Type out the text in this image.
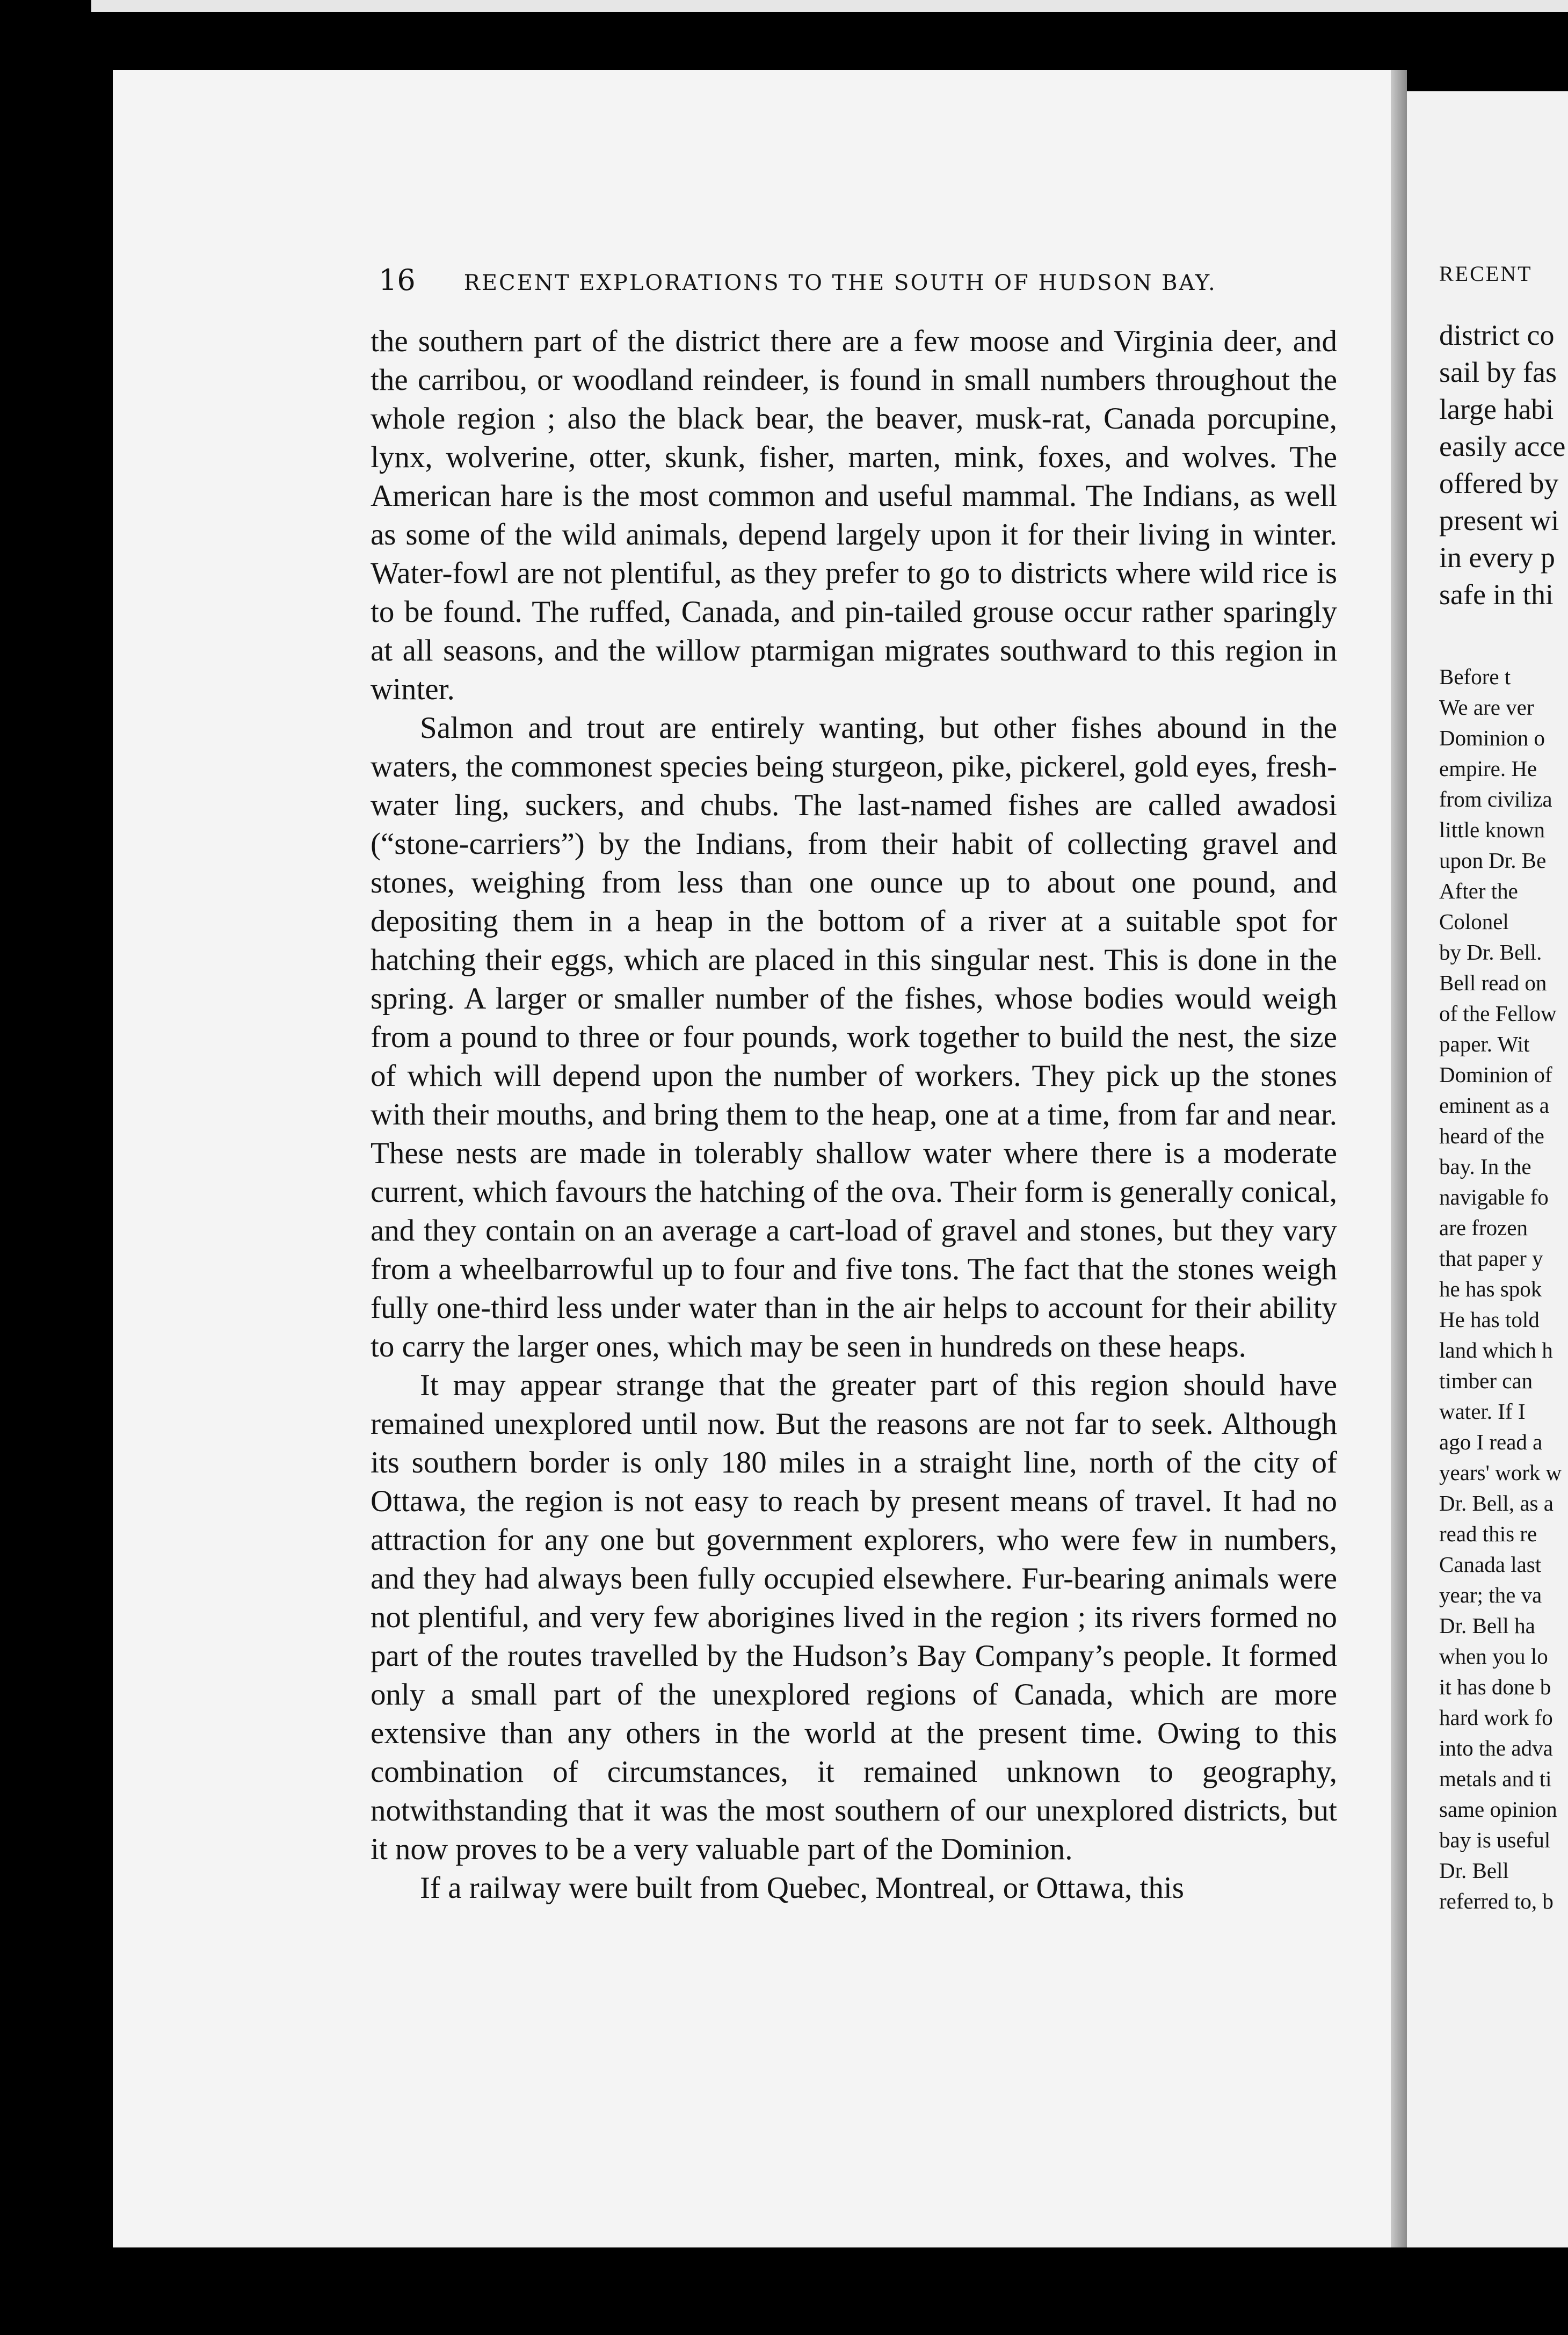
16 RECENT EXPLORATIONS TO THE SOUTH OF HUDSON BAY.

the southern part of the district there are a few moose and Virginia deer, and the carribou, or woodland reindeer, is found in small numbers throughout the whole region ; also the black bear, the beaver, musk-rat, Canada porcupine, lynx, wolverine, otter, skunk, fisher, marten, mink, foxes, and wolves. The American hare is the most common and useful mammal. The Indians, as well as some of the wild animals, depend largely upon it for their living in winter. Water-fowl are not plentiful, as they prefer to go to districts where wild rice is to be found. The ruffed, Canada, and pin-tailed grouse occur rather sparingly at all seasons, and the willow ptarmigan migrates southward to this region in winter.

Salmon and trout are entirely wanting, but other fishes abound in the waters, the commonest species being sturgeon, pike, pickerel, gold eyes, fresh-water ling, suckers, and chubs. The last-named fishes are called awadosi (“stone-carriers”) by the Indians, from their habit of collecting gravel and stones, weighing from less than one ounce up to about one pound, and depositing them in a heap in the bottom of a river at a suitable spot for hatching their eggs, which are placed in this singular nest. This is done in the spring. A larger or smaller number of the fishes, whose bodies would weigh from a pound to three or four pounds, work together to build the nest, the size of which will depend upon the number of workers. They pick up the stones with their mouths, and bring them to the heap, one at a time, from far and near. These nests are made in tolerably shallow water where there is a moderate current, which favours the hatching of the ova. Their form is generally conical, and they contain on an average a cart-load of gravel and stones, but they vary from a wheelbarrowful up to four and five tons. The fact that the stones weigh fully one-third less under water than in the air helps to account for their ability to carry the larger ones, which may be seen in hundreds on these heaps.

It may appear strange that the greater part of this region should have remained unexplored until now. But the reasons are not far to seek. Although its southern border is only 180 miles in a straight line, north of the city of Ottawa, the region is not easy to reach by present means of travel. It had no attraction for any one but government explorers, who were few in numbers, and they had always been fully occupied elsewhere. Fur-bearing animals were not plentiful, and very few aborigines lived in the region ; its rivers formed no part of the routes travelled by the Hudson’s Bay Company’s people. It formed only a small part of the unexplored regions of Canada, which are more extensive than any others in the world at the present time. Owing to this combination of circumstances, it remained unknown to geography, notwithstanding that it was the most southern of our unexplored districts, but it now proves to be a very valuable part of the Dominion.

If a railway were built from Quebec, Montreal, or Ottawa, this

RECENT
district co
sail by fas
large habi
easily acce
offered by
present wi
in every p
safe in thi
Before t
We are ver
Dominion o
empire. He
from civiliza
little known
upon Dr. Be
After the
Colonel
by Dr. Bell.
Bell read on
of the Fellow
paper. Wit
Dominion of
eminent as a
heard of the
bay. In the
navigable fo
are frozen
that paper y
he has spok
He has told
land which h
timber can
water. If I
ago I read a
years' work w
Dr. Bell, as a
read this re
Canada last
year; the va
Dr. Bell ha
when you lo
it has done b
hard work fo
into the adva
metals and ti
same opinion
bay is useful
Dr. Bell
referred to, b
